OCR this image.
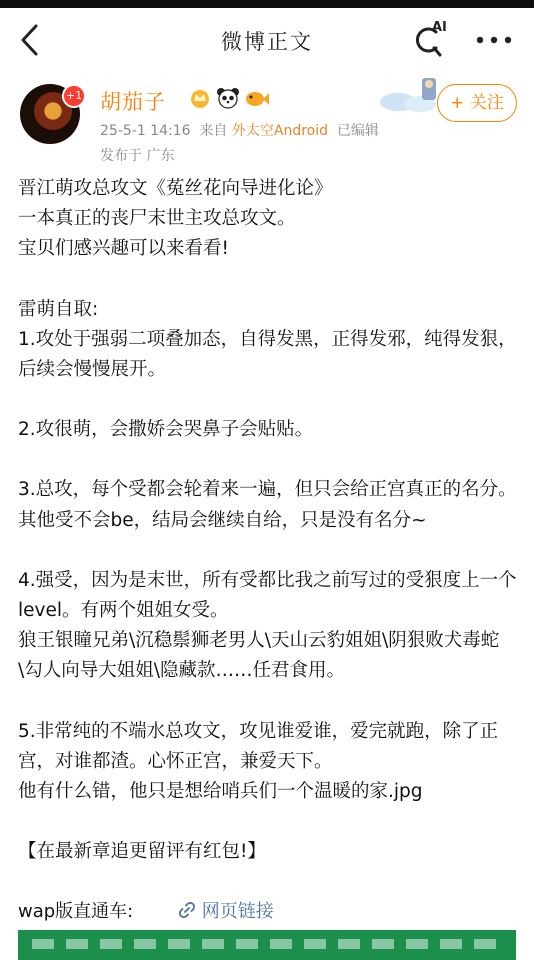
微博正文
AI
+1 胡茄子
25-5-1 14:16 来自 外太空Android 已编辑
发布于 广东
+ 关注

晋江萌攻总攻文《菟丝花向导进化论》

一本真正的丧尸末世主攻总攻文。

宝贝们感兴趣可以来看看!

雷萌自取:

1.攻处于强弱二项叠加态，自得发黑，正得发邪，纯得发狠，后续会慢慢展开。

2.攻很萌，会撒娇会哭鼻子会贴贴。

3.总攻，每个受都会轮着来一遍，但只会给正宫真正的名分。其他受不会be，结局会继续自给，只是没有名分~

4.强受，因为是末世，所有受都比我之前写过的受狠度上一个level。有两个姐姐女受。

狼王银瞳兄弟\沉稳鬃狮老男人\天山云豹姐姐\阴狠败犬毒蛇\勾人向导大姐姐\隐藏款……任君食用。

5.非常纯的不端水总攻文，攻见谁爱谁，爱完就跑，除了正宫，对谁都渣。心怀正宫，兼爱天下。

他有什么错，他只是想给哨兵们一个温暖的家.jpg

【在最新章追更留评有红包!】

wap版直通车:	网页链接
